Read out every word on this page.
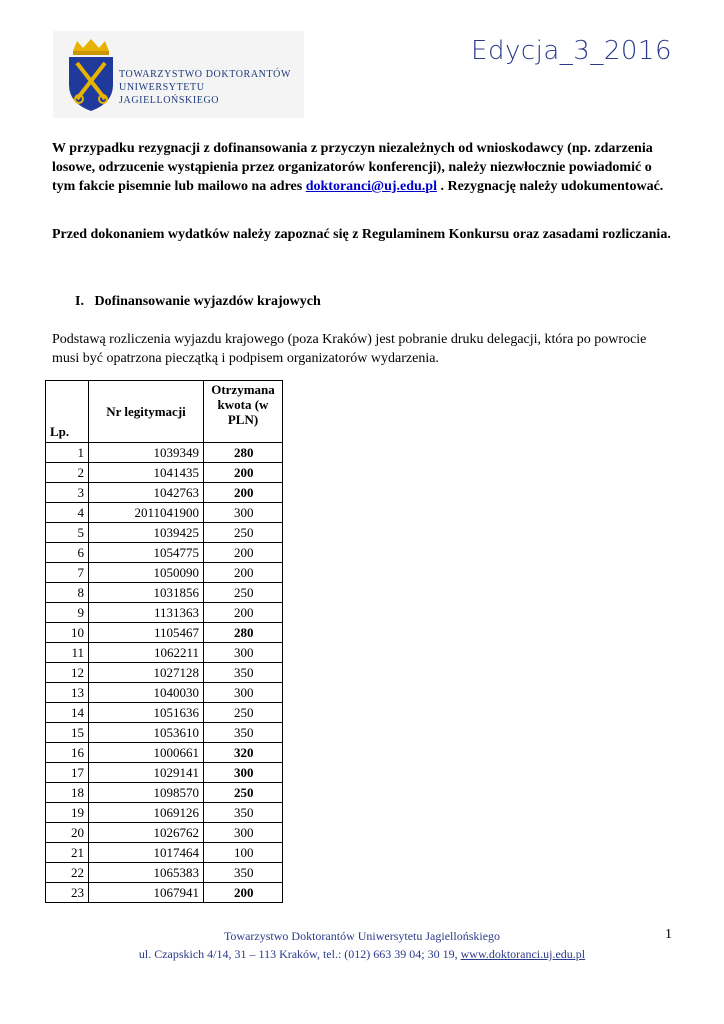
TOWARZYSTWO DOKTORANTÓW
UNIWERSYTETU JAGIELLOŃSKIEGO
Edycja_3_2016
W przypadku rezygnacji z dofinansowania z przyczyn niezależnych od wnioskodawcy (np. zdarzenia losowe, odrzucenie wystąpienia przez organizatorów konferencji), należy niezwłocznie powiadomić o tym fakcie pisemnie lub mailowo na adres doktoranci@uj.edu.pl . Rezygnację należy udokumentować.
Przed dokonaniem wydatków należy zapoznać się z Regulaminem Konkursu oraz zasadami rozliczania.
I. Dofinansowanie wyjazdów krajowych
Podstawą rozliczenia wyjazdu krajowego (poza Kraków) jest pobranie druku delegacji, która po powrocie musi być opatrzona pieczątką i podpisem organizatorów wydarzenia.
Lp.	Nr legitymacji	Otrzymana kwota (w PLN)
1	1039349	280
2	1041435	200
3	1042763	200
4	2011041900	300
5	1039425	250
6	1054775	200
7	1050090	200
8	1031856	250
9	1131363	200
10	1105467	280
11	1062211	300
12	1027128	350
13	1040030	300
14	1051636	250
15	1053610	350
16	1000661	320
17	1029141	300
18	1098570	250
19	1069126	350
20	1026762	300
21	1017464	100
22	1065383	350
23	1067941	200
Towarzystwo Doktorantów Uniwersytetu Jagiellońskiego
ul. Czapskich 4/14, 31 – 113 Kraków, tel.: (012) 663 39 04; 30 19, www.doktoranci.uj.edu.pl
1
